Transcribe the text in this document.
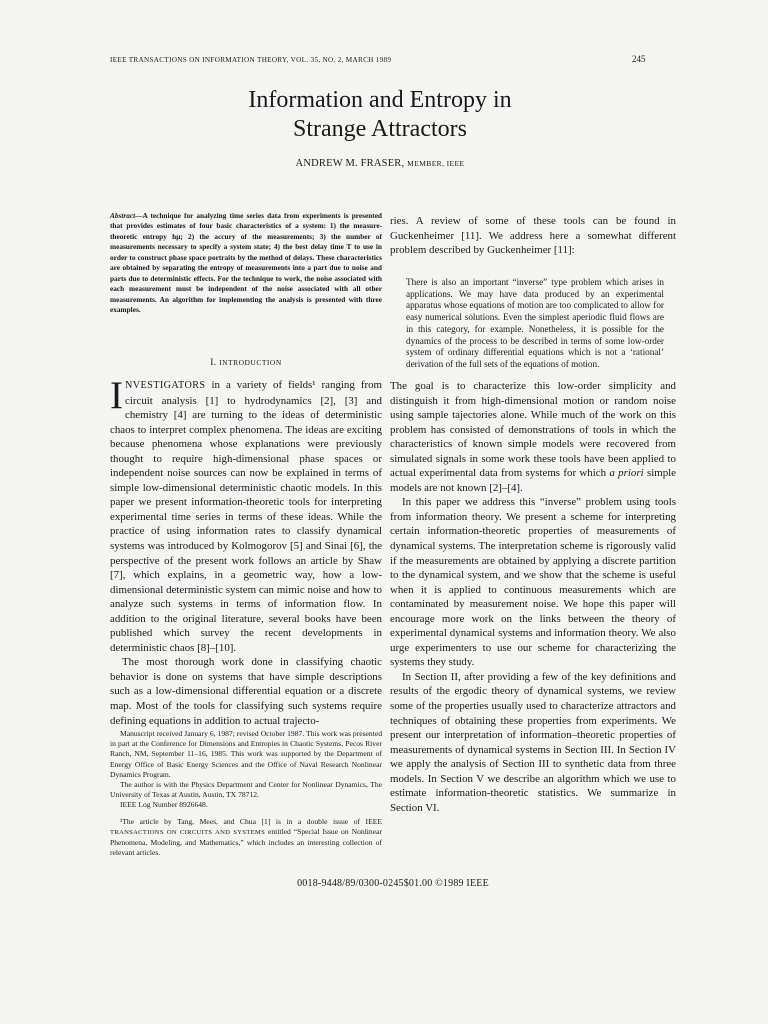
IEEE TRANSACTIONS ON INFORMATION THEORY, VOL. 35, NO. 2, MARCH 1989	245
Information and Entropy in
Strange Attractors
ANDREW M. FRASER, MEMBER, IEEE
Abstract—A technique for analyzing time series data from experiments is presented that provides estimates of four basic characteristics of a system: 1) the measure-theoretic entropy hμ; 2) the accury of the measurements; 3) the number of measurements necessary to specify a system state; 4) the best delay time T to use in order to construct phase space portraits by the method of delays. These characteristics are obtained by separating the entropy of measurements into a part due to noise and parts due to deterministic effects. For the technique to work, the noise associated with each measurement must be independent of the noise associated with all other measurements. An algorithm for implementing the analysis is presented with three examples.
I. INTRODUCTION

INVESTIGATORS in a variety of fields¹ ranging from circuit analysis [1] to hydrodynamics [2], [3] and chemistry [4] are turning to the ideas of deterministic chaos to interpret complex phenomena. The ideas are exciting because phenomena whose explanations were previously thought to require high-dimensional phase spaces or independent noise sources can now be explained in terms of simple low-dimensional deterministic chaotic models. In this paper we present information-theoretic tools for interpreting experimental time series in terms of these ideas. While the practice of using information rates to classify dynamical systems was introduced by Kolmogorov [5] and Sinai [6], the perspective of the present work follows an article by Shaw [7], which explains, in a geometric way, how a low-dimensional deterministic system can mimic noise and how to analyze such systems in terms of information flow. In addition to the original literature, several books have been published which survey the recent developments in deterministic chaos [8]–[10].

The most thorough work done in classifying chaotic behavior is done on systems that have simple descriptions such as a low-dimensional differential equation or a discrete map. Most of the tools for classifying such systems require defining equations in addition to actual trajecto-

Manuscript received January 6, 1987; revised October 1987. This work was presented in part at the Conference for Dimensions and Entropies in Chaotic Systems, Pecos River Ranch, NM, September 11–16, 1985. This work was supported by the Department of Energy Office of Basic Energy Sciences and the Office of Naval Research Nonlinear Dynamics Program.

The author is with the Physics Department and Center for Nonlinear Dynamics, The University of Texas at Austin, Austin, TX 78712.

IEEE Log Number 8926648.

¹The article by Tang, Mees, and Chua [1] is in a double issue of IEEE TRANSACTIONS ON CIRCUITS AND SYSTEMS entitled “Special Issue on Nonlinear Phenomena, Modeling, and Mathematics,” which includes an interesting collection of relevant articles.

ries. A review of some of these tools can be found in Guckenheimer [11]. We address here a somewhat different problem described by Guckenheimer [11]:

There is also an important “inverse” type problem which arises in applications. We may have data produced by an experimental apparatus whose equations of motion are too complicated to allow for easy numerical solutions. Even the simplest aperiodic fluid flows are in this category, for example. Nonetheless, it is possible for the dynamics of the process to be described in terms of some low-order system of ordinary differential equations which is not a ‘rational’ derivation of the full sets of the equations of motion.

The goal is to characterize this low-order simplicity and distinguish it from high-dimensional motion or random noise using sample tajectories alone. While much of the work on this problem has consisted of demonstrations of tools in which the characteristics of known simple models were recovered from simulated signals in some work these tools have been applied to actual experimental data from systems for which a priori simple models are not known [2]–[4].

In this paper we address this “inverse” problem using tools from information theory. We present a scheme for interpreting certain information-theoretic properties of measurements of dynamical systems. The interpretation scheme is rigorously valid if the measurements are obtained by applying a discrete partition to the dynamical system, and we show that the scheme is useful when it is applied to continuous measurements which are contaminated by measurement noise. We hope this paper will encourage more work on the links between the theory of experimental dynamical systems and information theory. We also urge experimenters to use our scheme for characterizing the systems they study.

In Section II, after providing a few of the key definitions and results of the ergodic theory of dynamical systems, we review some of the properties usually used to characterize attractors and techniques of obtaining these properties from experiments. We present our interpretation of information–theoretic properties of measurements of dynamical systems in Section III. In Section IV we apply the analysis of Section III to synthetic data from three models. In Section V we describe an algorithm which we use to estimate information-theoretic statistics. We summarize in Section VI.

0018-9448/89/0300-0245$01.00 ©1989 IEEE
